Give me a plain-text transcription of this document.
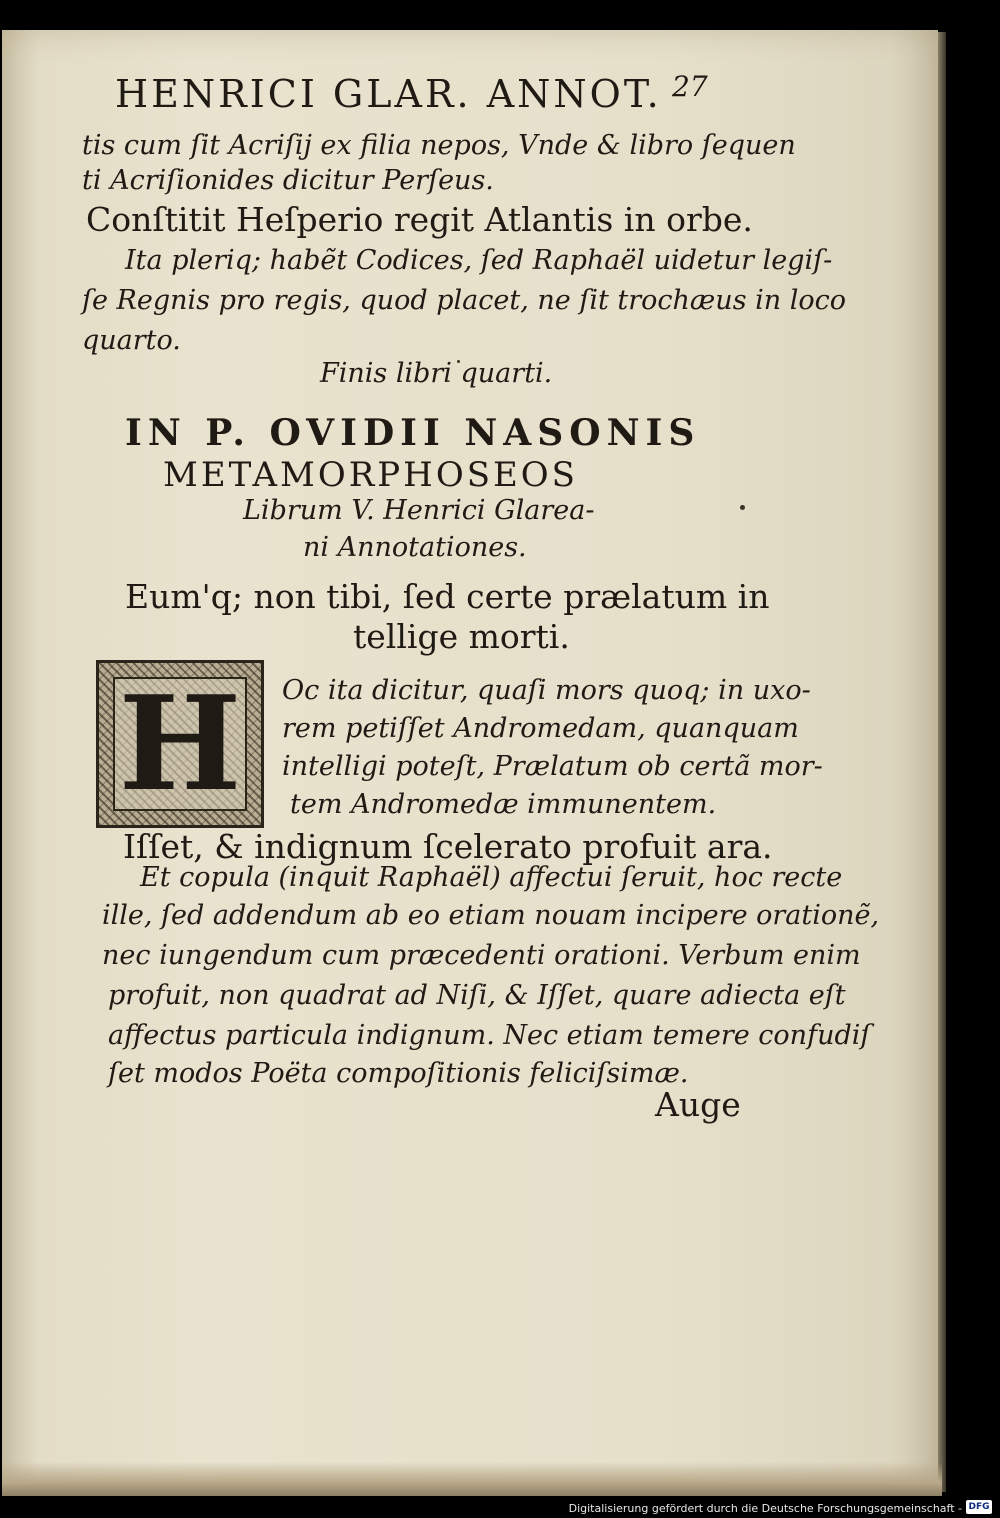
HENRICI GLAR. ANNOT. 27
tis cum ſit Acriſij ex filia nepos, Vnde & libro ſequen
ti Acriſionides dicitur Perſeus.
Conſtitit Heſperio regit Atlantis in orbe.
Ita pleriq; habẽt Codices, ſed Raphaël uidetur legiſ-
ſe Regnis pro regis, quod placet, ne ſit trochæus in loco
quarto.
Finis libri quarti.
IN P. OVIDII NASONIS
METAMORPHOSEOS
Librum V. Henrici Glarea-
ni Annotationes.
Eum'q; non tibi, ſed certe prælatum in
tellige morti.
H Oc ita dicitur, quaſi mors quoq; in uxo-
rem petiſſet Andromedam, quanquam
intelligi poteſt, Prælatum ob certã mor-
tem Andromedæ immunentem.
Iſſet, & indignum ſcelerato profuit ara.
Et copula (inquit Raphaël) affectui ſeruit, hoc recte
ille, ſed addendum ab eo etiam nouam incipere orationẽ,
nec iungendum cum præcedenti orationi. Verbum enim
profuit, non quadrat ad Niſi, & Iſſet, quare adiecta eſt
affectus particula indignum. Nec etiam temere confudiſ
ſet modos Poëta compoſitionis feliciſsimæ.
Auge
Digitalisierung gefördert durch die Deutsche Forschungsgemeinschaft - DFG
